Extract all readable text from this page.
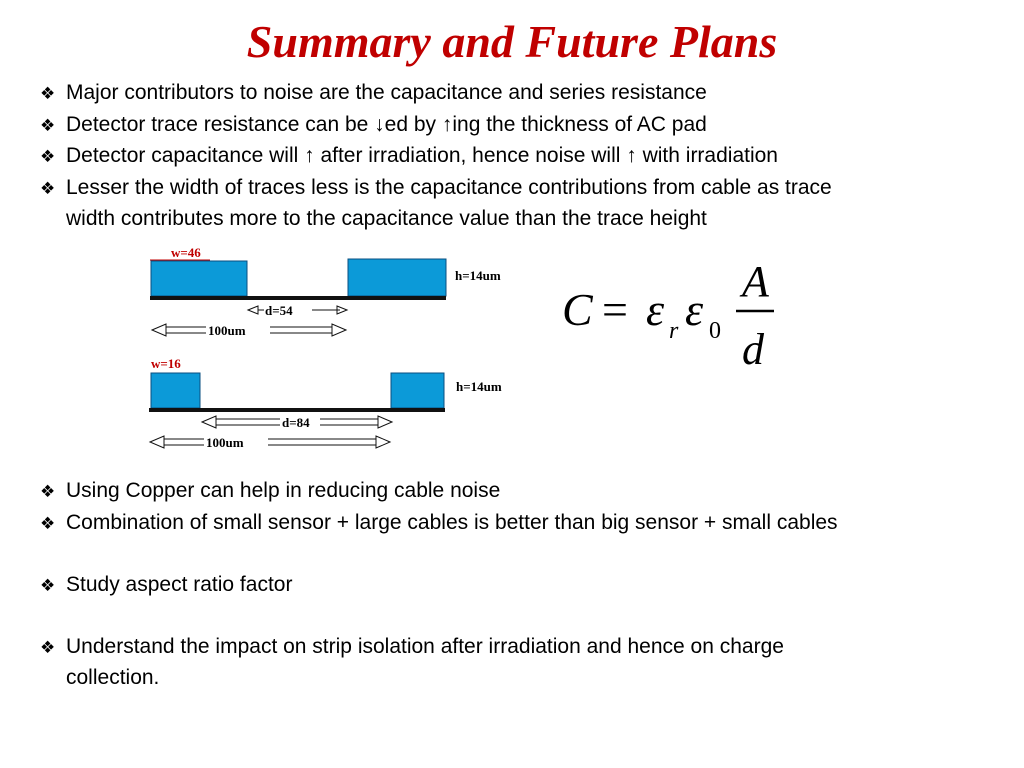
Summary and Future Plans
❖ Major contributors to noise are the capacitance and series resistance
❖ Detector trace resistance can be ↓ed by ↑ing the thickness of AC pad
❖ Detector capacitance will ↑ after irradiation, hence noise will ↑ with irradiation
❖ Lesser the width of traces less is the capacitance contributions from cable as trace
width contributes more to the capacitance value than the trace height
w=46
h=14um
d=54
100um
w=16
h=14um
d=84
100um
C = ε r ε 0
A
d
❖ Using Copper can help in reducing cable noise
❖ Combination of small sensor + large cables is better than big sensor + small cables
❖ Study aspect ratio factor
❖ Understand the impact on strip isolation after irradiation and hence on charge
collection.
